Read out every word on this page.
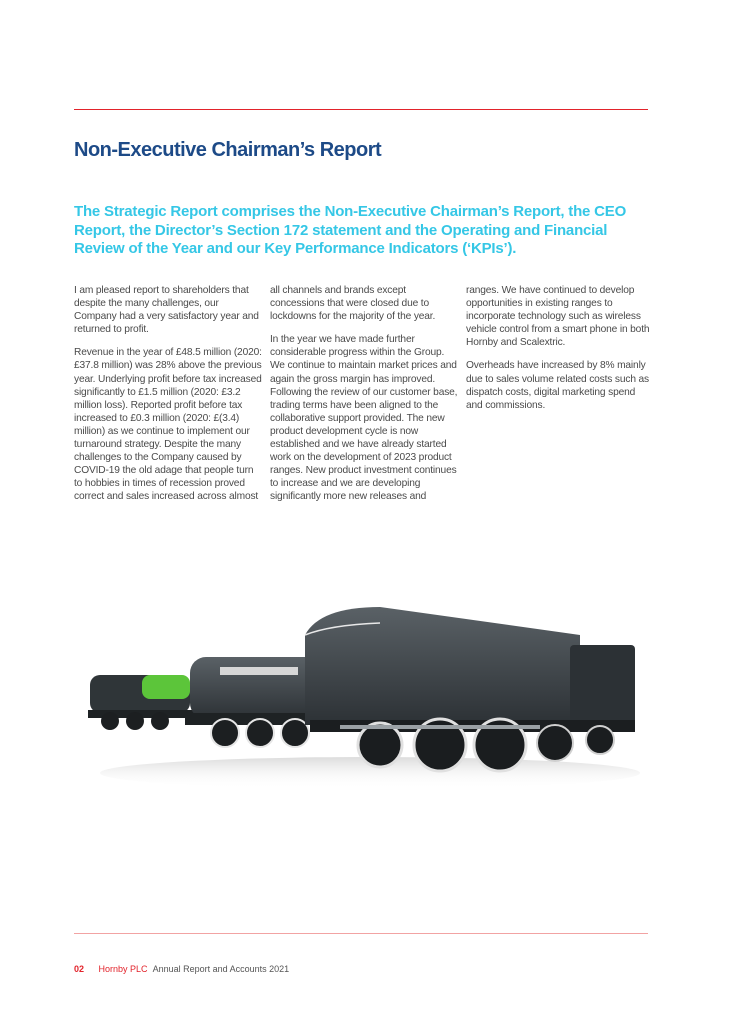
Non-Executive Chairman’s Report

The Strategic Report comprises the Non-Executive Chairman’s Report, the CEO Report, the Director’s Section 172 statement and the Operating and Financial Review of the Year and our Key Performance Indicators (‘KPIs’).

I am pleased report to shareholders that despite the many challenges, our Company had a very satisfactory year and returned to profit.

Revenue in the year of £48.5 million (2020: £37.8 million) was 28% above the previous year. Underlying profit before tax increased significantly to £1.5 million (2020: £3.2 million loss). Reported profit before tax increased to £0.3 million (2020: £(3.4) million) as we continue to implement our turnaround strategy. Despite the many challenges to the Company caused by COVID-19 the old adage that people turn to hobbies in times of recession proved correct and sales increased across almost

all channels and brands except concessions that were closed due to lockdowns for the majority of the year.

In the year we have made further considerable progress within the Group. We continue to maintain market prices and again the gross margin has improved. Following the review of our customer base, trading terms have been aligned to the collaborative support provided. The new product development cycle is now established and we have already started work on the development of 2023 product ranges. New product investment continues to increase and we are developing significantly more new releases and

ranges. We have continued to develop opportunities in existing ranges to incorporate technology such as wireless vehicle control from a smart phone in both Hornby and Scalextric.

Overheads have increased by 8% mainly due to sales volume related costs such as dispatch costs, digital marketing spend and commissions.

02 Hornby PLC Annual Report and Accounts 2021
